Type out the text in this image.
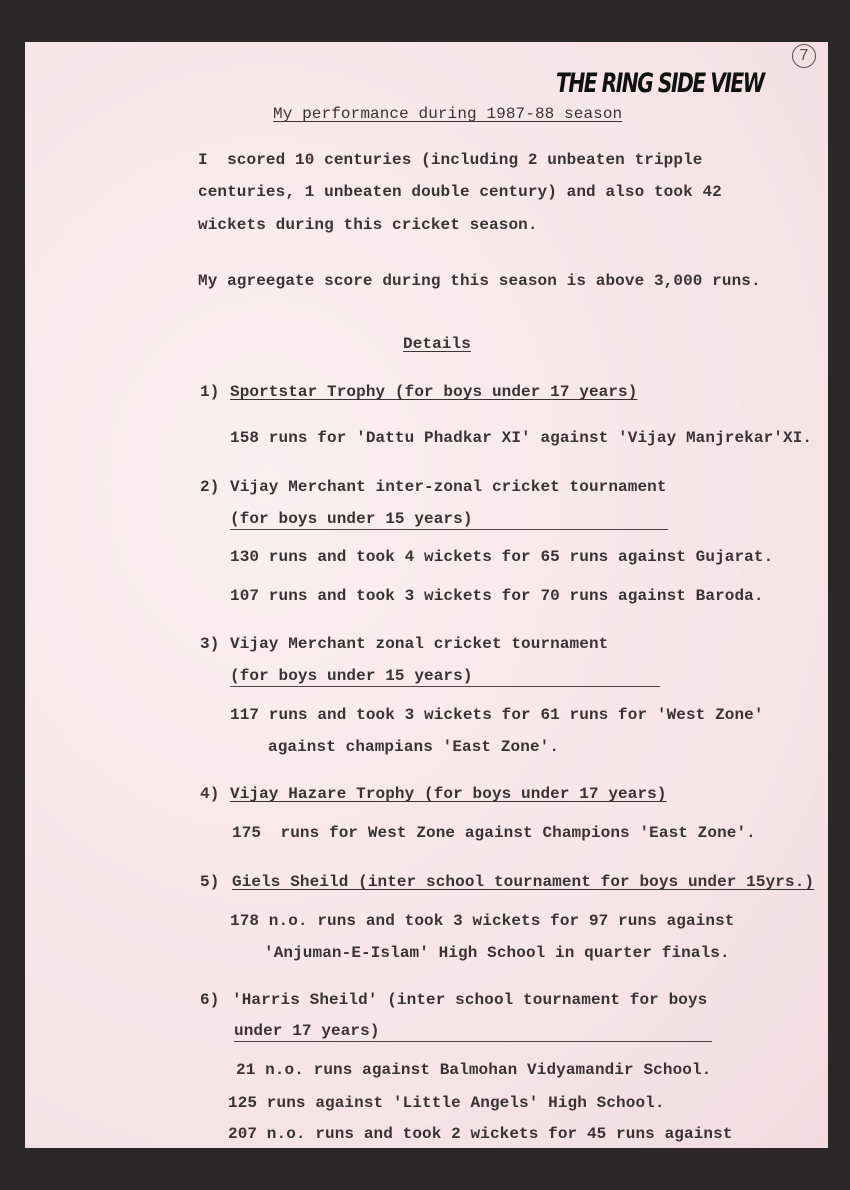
THE RING SIDE VIEW
7
My performance during 1987-88 season
I  scored 10 centuries (including 2 unbeaten tripple
centuries, 1 unbeaten double century) and also took 42
wickets during this cricket season.
My agreegate score during this season is above 3,000 runs.
Details
1) Sportstar Trophy (for boys under 17 years)
158 runs for 'Dattu Phadkar XI' against 'Vijay Manjrekar'XI.
2) Vijay Merchant inter-zonal cricket tournament
(for boys under 15 years)
130 runs and took 4 wickets for 65 runs against Gujarat.
107 runs and took 3 wickets for 70 runs against Baroda.
3) Vijay Merchant zonal cricket tournament
(for boys under 15 years)
117 runs and took 3 wickets for 61 runs for 'West Zone'
against champians 'East Zone'.
4) Vijay Hazare Trophy (for boys under 17 years)
175  runs for West Zone against Champions 'East Zone'.
5) Giels Sheild (inter school tournament for boys under 15yrs.)
178 n.o. runs and took 3 wickets for 97 runs against
'Anjuman-E-Islam' High School in quarter finals.
6) 'Harris Sheild' (inter school tournament for boys
under 17 years)
21 n.o. runs against Balmohan Vidyamandir School.
125 runs against 'Little Angels' High School.
207 n.o. runs and took 2 wickets for 45 runs against
